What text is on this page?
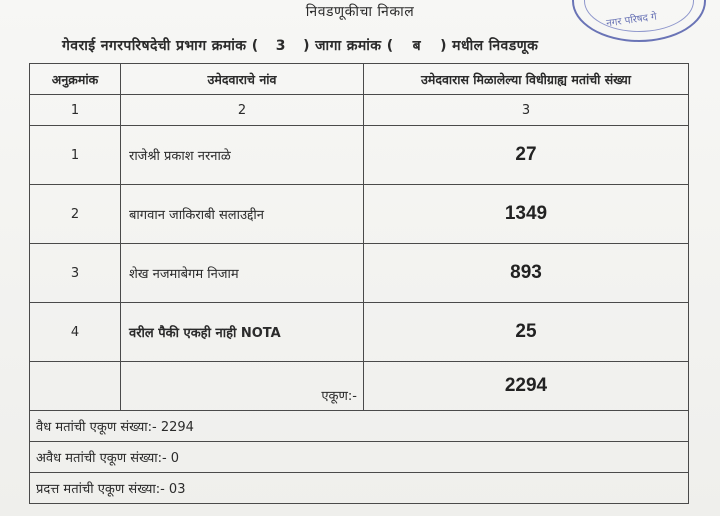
नगर परिषद गे
निवडणूकीचा निकाल
गेवराई नगरपरिषदेची प्रभाग क्रमांक ( 3 ) जागा क्रमांक ( ब ) मधील निवडणूक
अनुक्रमांक	उमेदवाराचे नांव	उमेदवारास मिळालेल्या विधीग्राह्य मतांची संख्या
1	2	3
1	राजेश्री प्रकाश नरनाळे	27
2	बागवान जाकिराबी सलाउद्दीन	1349
3	शेख नजमाबेगम निजाम	893
4	वरील पैकी एकही नाही NOTA	25
	एकूण:-	2294
वैध मतांची एकूण संख्या:- 2294		
अवैध मतांची एकूण संख्या:- 0		
प्रदत्त मतांची एकूण संख्या:- 03		
